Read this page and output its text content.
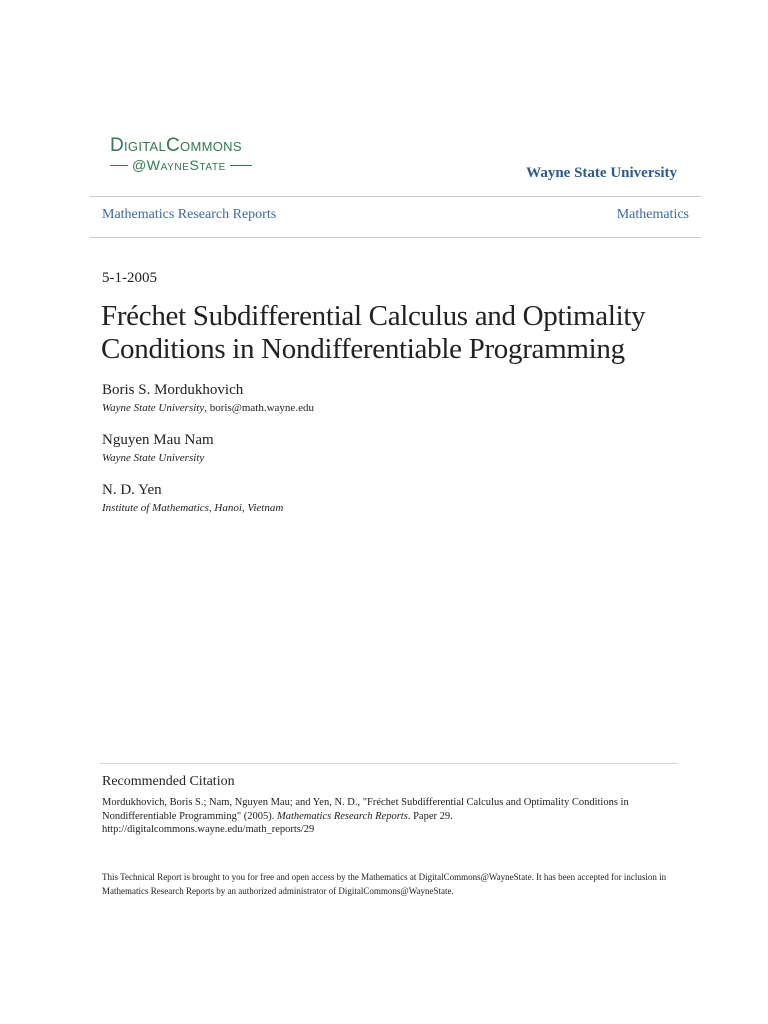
DigitalCommons
@WayneState	Wayne State University
Mathematics Research Reports	Mathematics
5-1-2005
Fréchet Subdifferential Calculus and Optimality Conditions in Nondifferentiable Programming
Boris S. Mordukhovich
Wayne State University, boris@math.wayne.edu
Nguyen Mau Nam
Wayne State University
N. D. Yen
Institute of Mathematics, Hanoi, Vietnam
Recommended Citation
Mordukhovich, Boris S.; Nam, Nguyen Mau; and Yen, N. D., "Fréchet Subdifferential Calculus and Optimality Conditions in Nondifferentiable Programming" (2005). Mathematics Research Reports. Paper 29.
http://digitalcommons.wayne.edu/math_reports/29
This Technical Report is brought to you for free and open access by the Mathematics at DigitalCommons@WayneState. It has been accepted for inclusion in Mathematics Research Reports by an authorized administrator of DigitalCommons@WayneState.
